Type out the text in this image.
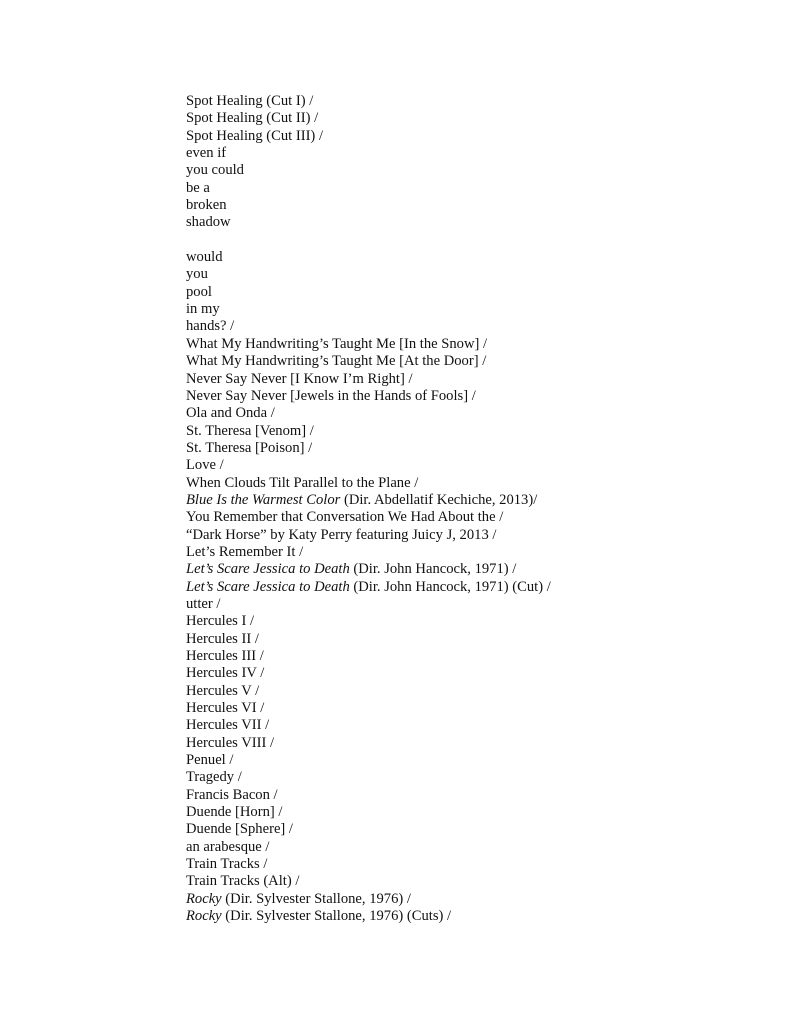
Spot Healing (Cut I) /
Spot Healing (Cut II) /
Spot Healing (Cut III) /
even if
you could
be a
broken
shadow
would
you
pool
in my
hands? /
What My Handwriting’s Taught Me [In the Snow] /
What My Handwriting’s Taught Me [At the Door] /
Never Say Never [I Know I’m Right] /
Never Say Never [Jewels in the Hands of Fools] /
Ola and Onda /
St. Theresa [Venom] /
St. Theresa [Poison] /
Love /
When Clouds Tilt Parallel to the Plane /
Blue Is the Warmest Color (Dir. Abdellatif Kechiche, 2013)/
You Remember that Conversation We Had About the /
“Dark Horse” by Katy Perry featuring Juicy J, 2013 /
Let’s Remember It /
Let’s Scare Jessica to Death (Dir. John Hancock, 1971) /
Let’s Scare Jessica to Death (Dir. John Hancock, 1971) (Cut) /
utter /
Hercules I /
Hercules II /
Hercules III /
Hercules IV /
Hercules V /
Hercules VI /
Hercules VII /
Hercules VIII /
Penuel /
Tragedy /
Francis Bacon /
Duende [Horn] /
Duende [Sphere] /
an arabesque /
Train Tracks /
Train Tracks (Alt) /
Rocky (Dir. Sylvester Stallone, 1976) /
Rocky (Dir. Sylvester Stallone, 1976) (Cuts) /
